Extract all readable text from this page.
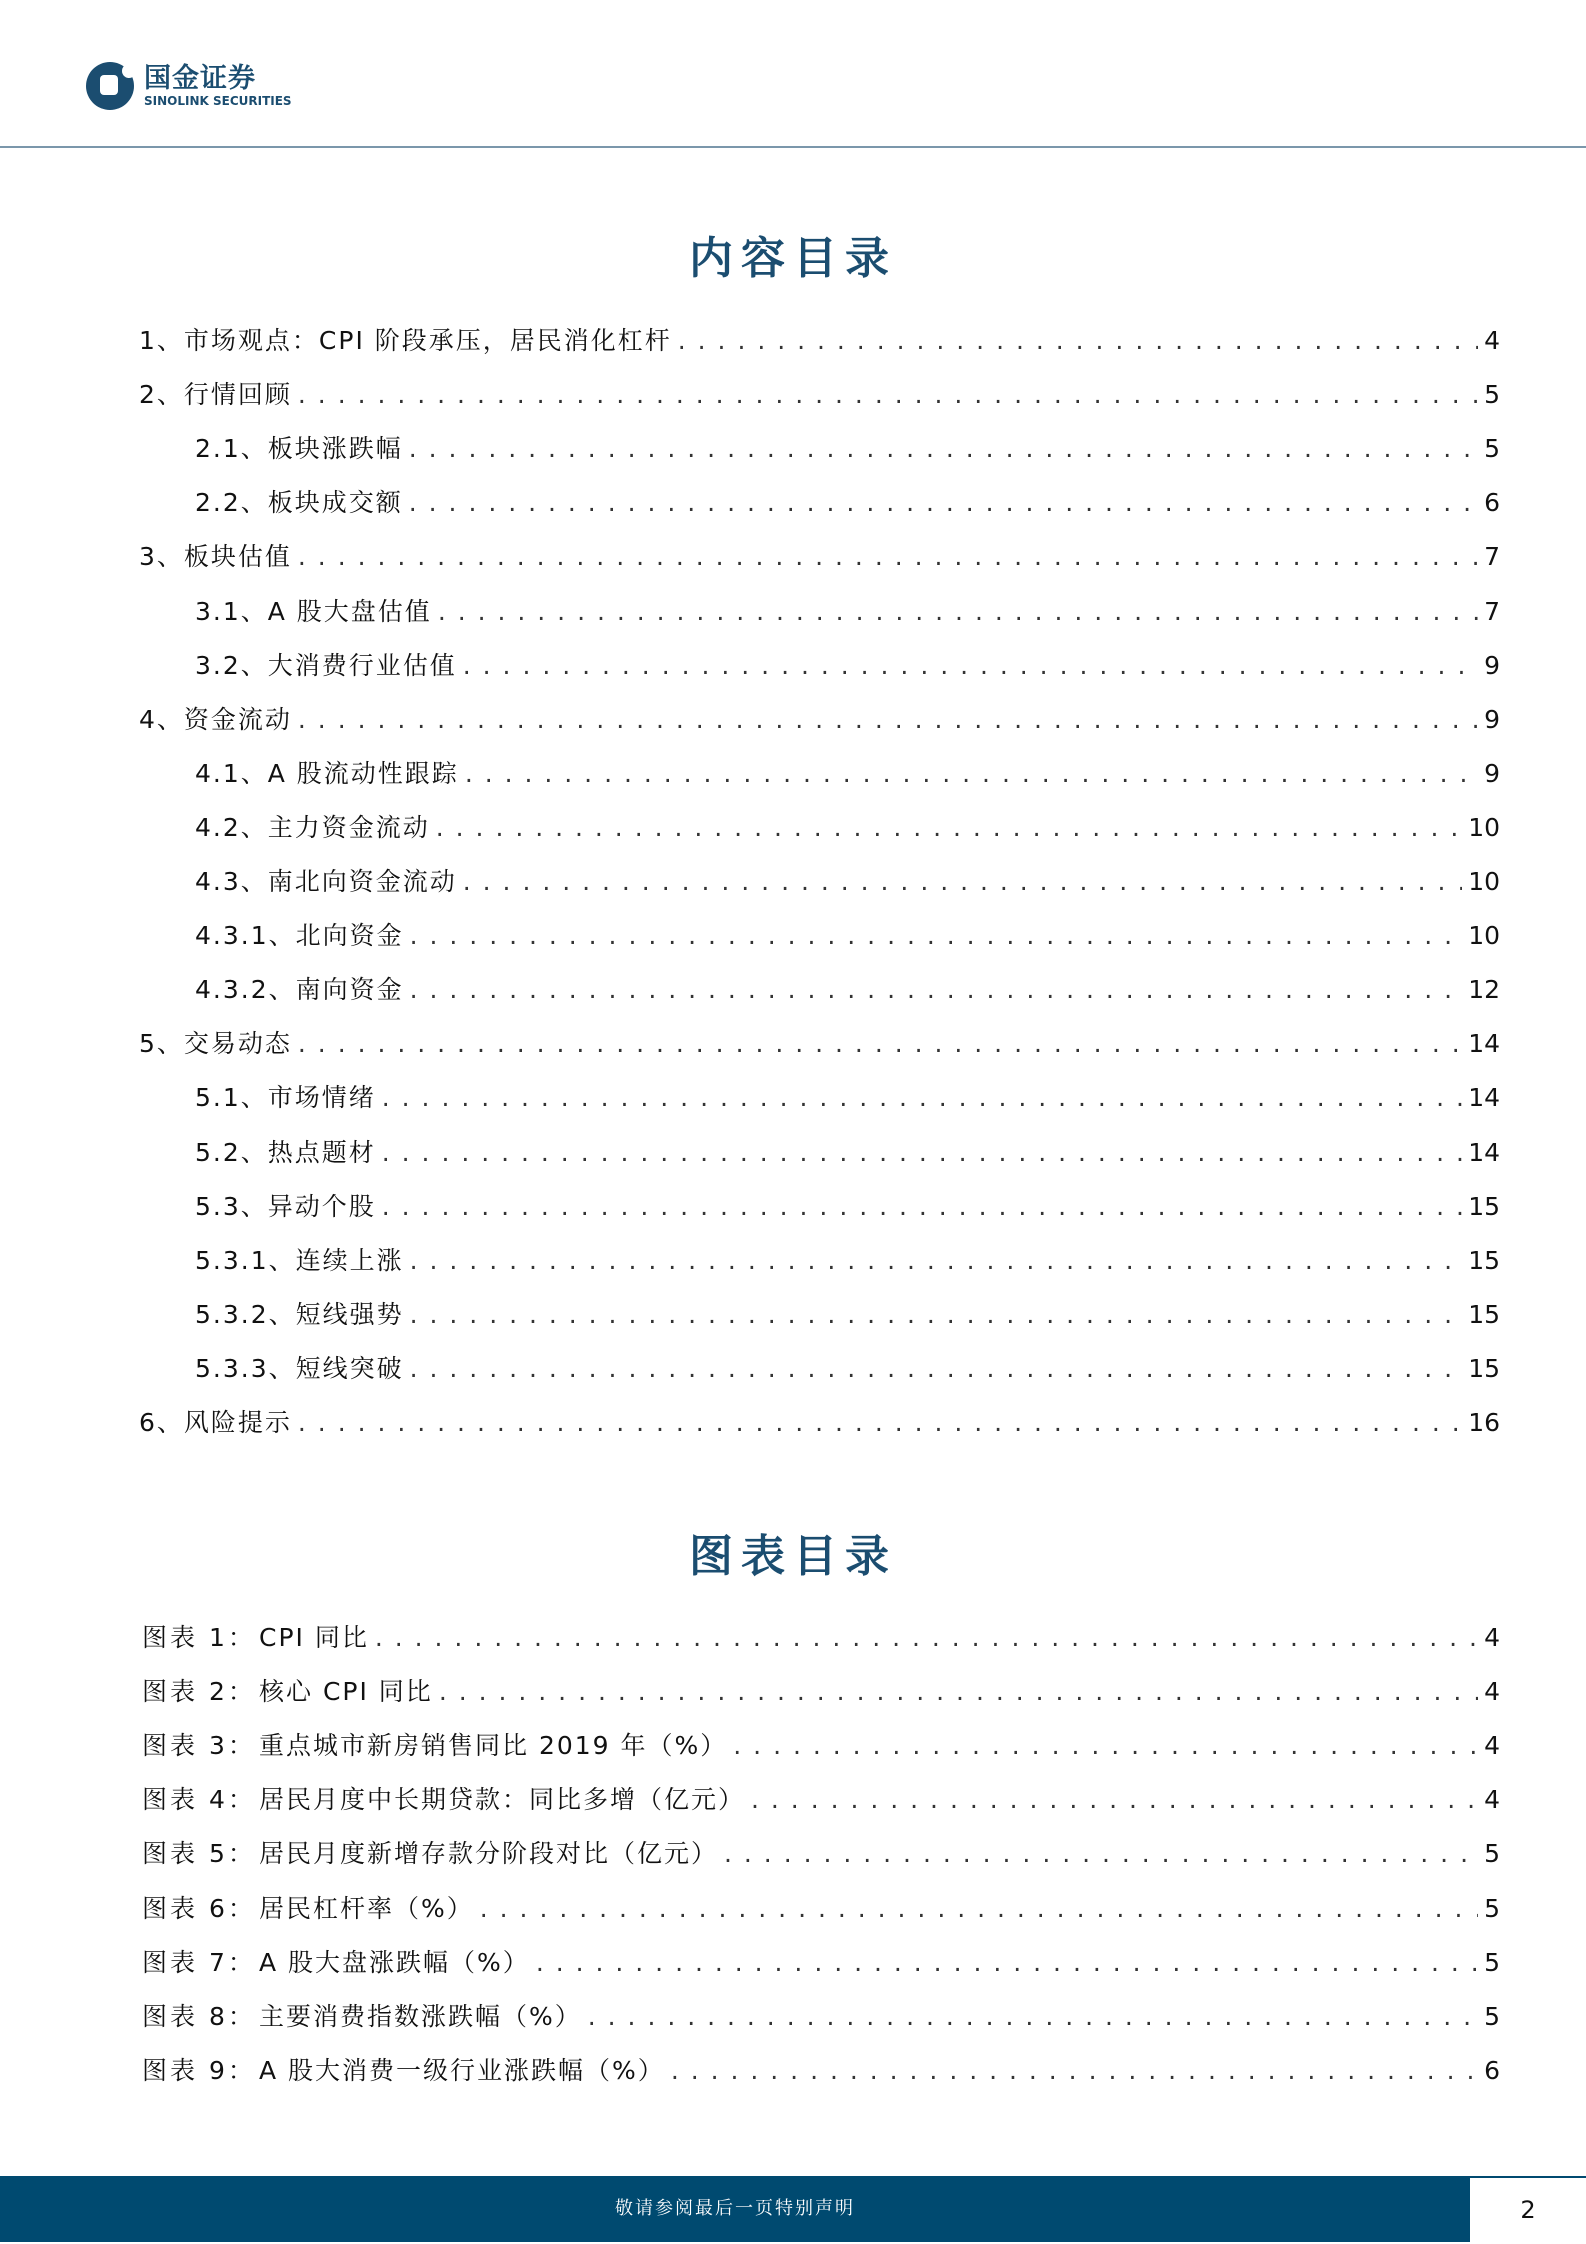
国金证券
SINOLINK SECURITIES
内容目录
1、市场观点：CPI 阶段承压，居民消化杠杆 . . .	4
2、行情回顾 . . .	5
2.1、板块涨跌幅 . . .	5
2.2、板块成交额 . . .	6
3、板块估值 . . .	7
3.1、A 股大盘估值 . . .	7
3.2、大消费行业估值 . . .	9
4、资金流动 . . .	9
4.1、A 股流动性跟踪 . . .	9
4.2、主力资金流动 . . .	10
4.3、南北向资金流动 . . .	10
4.3.1、北向资金 . . .	10
4.3.2、南向资金 . . .	12
5、交易动态 . . .	14
5.1、市场情绪 . . .	14
5.2、热点题材 . . .	14
5.3、异动个股 . . .	15
5.3.1、连续上涨 . . .	15
5.3.2、短线强势 . . .	15
5.3.3、短线突破 . . .	15
6、风险提示 . . .	16
图表目录
图表 1： CPI 同比 . . .	4
图表 2： 核心 CPI 同比 . . .	4
图表 3： 重点城市新房销售同比 2019 年（%） . . .	4
图表 4： 居民月度中长期贷款：同比多增（亿元） . . .	4
图表 5： 居民月度新增存款分阶段对比（亿元） . . .	5
图表 6： 居民杠杆率（%） . . .	5
图表 7： A 股大盘涨跌幅（%） . . .	5
图表 8： 主要消费指数涨跌幅（%） . . .	5
图表 9： A 股大消费一级行业涨跌幅（%） . . .	6
敬请参阅最后一页特别声明	2
